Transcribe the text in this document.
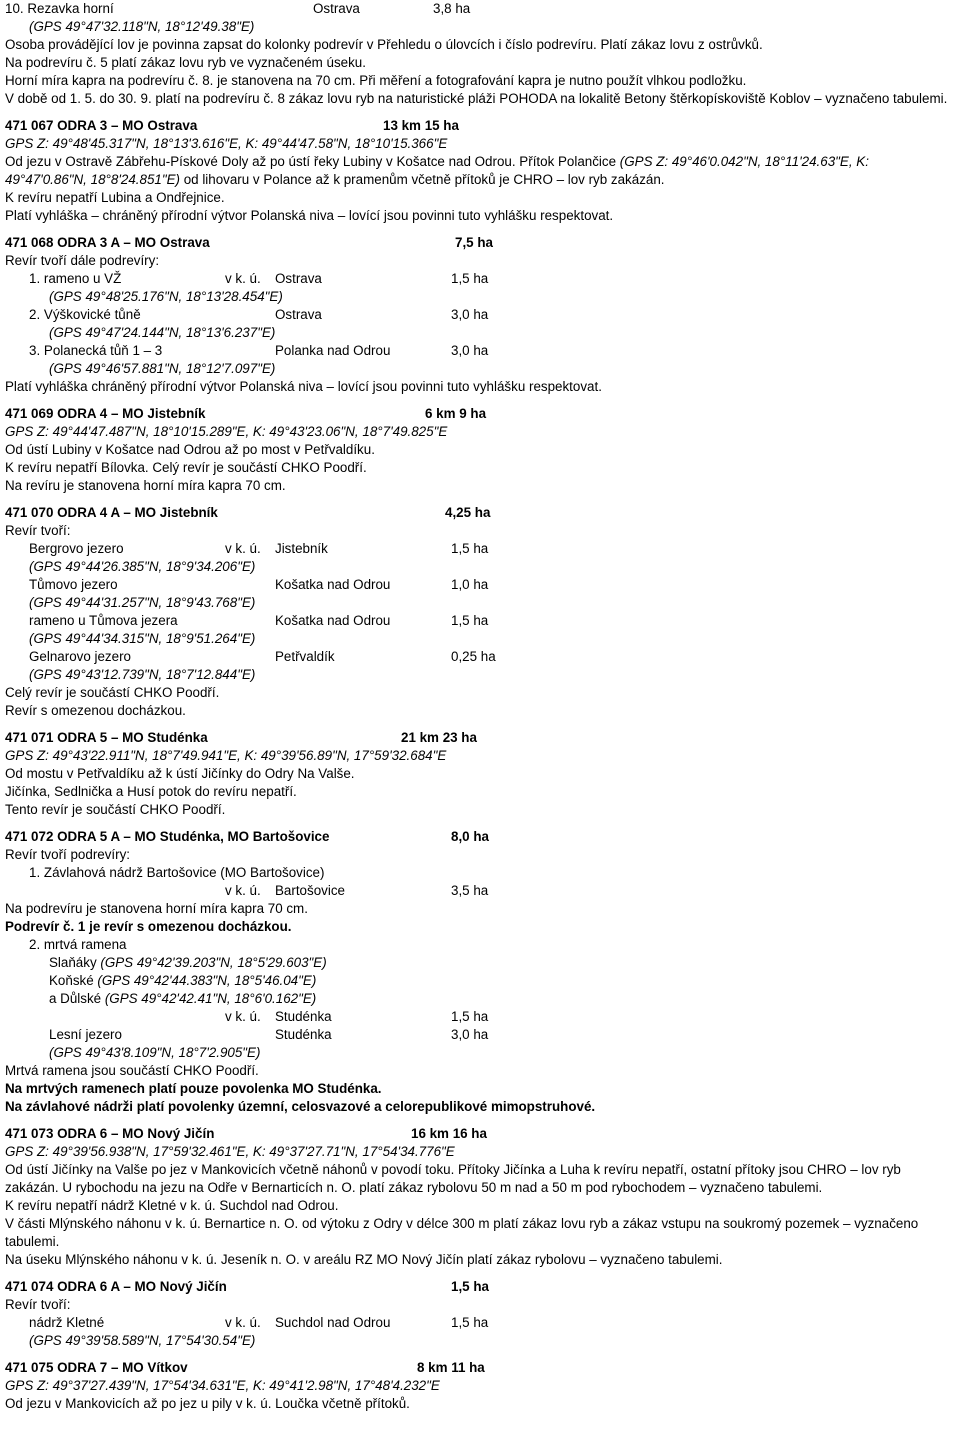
10. Rezavka horní	Ostrava	3,8 ha
(GPS 49°47'32.118"N, 18°12'49.38"E)
Osoba provádějící lov je povinna zapsat do kolonky podrevír v Přehledu o úlovcích i číslo podrevíru. Platí zákaz lovu z ostrůvků.
Na podrevíru č. 5 platí zákaz lovu ryb ve vyznačeném úseku.
Horní míra kapra na podrevíru č. 8. je stanovena na 70 cm. Při měření a fotografování kapra je nutno použít vlhkou podložku.
V době od 1. 5. do 30. 9. platí na podrevíru č. 8 zákaz lovu ryb na naturistické pláži POHODA na lokalitě Betony štěrkopískoviště Koblov – vyznačeno tabulemi.
471 067 ODRA 3 – MO Ostrava	13 km 15 ha
GPS Z: 49°48'45.317"N, 18°13'3.616"E, K: 49°44'47.58"N, 18°10'15.366"E
Od jezu v Ostravě Zábřehu-Pískové Doly až po ústí řeky Lubiny v Košatce nad Odrou. Přítok Polančice (GPS Z: 49°46'0.042"N, 18°11'24.63"E, K:
49°47'0.86"N, 18°8'24.851"E) od lihovaru v Polance až k pramenům včetně přítoků je CHRO – lov ryb zakázán.
K revíru nepatří Lubina a Ondřejnice.
Platí vyhláška – chráněný přírodní výtvor Polanská niva – lovící jsou povinni tuto vyhlášku respektovat.
471 068 ODRA 3 A – MO Ostrava	7,5 ha
Revír tvoří dále podrevíry:
1. rameno u VŽ	v k. ú. Ostrava	1,5 ha
(GPS 49°48'25.176"N, 18°13'28.454"E)
2. Výškovické tůně	Ostrava	3,0 ha
(GPS 49°47'24.144"N, 18°13'6.237"E)
3. Polanecká tůň 1 – 3	Polanka nad Odrou	3,0 ha
(GPS 49°46'57.881"N, 18°12'7.097"E)
Platí vyhláška chráněný přírodní výtvor Polanská niva – lovící jsou povinni tuto vyhlášku respektovat.
471 069 ODRA 4 – MO Jistebník	6 km 9 ha
GPS Z: 49°44'47.487"N, 18°10'15.289"E, K: 49°43'23.06"N, 18°7'49.825"E
Od ústí Lubiny v Košatce nad Odrou až po most v Petřvaldíku.
K revíru nepatří Bílovka. Celý revír je součástí CHKO Poodří.
Na revíru je stanovena horní míra kapra 70 cm.
471 070 ODRA 4 A – MO Jistebník	4,25 ha
Revír tvoří:
Bergrovo jezero	v k. ú. Jistebník	1,5 ha
(GPS 49°44'26.385"N, 18°9'34.206"E)
Tůmovo jezero	Košatka nad Odrou	1,0 ha
(GPS 49°44'31.257"N, 18°9'43.768"E)
rameno u Tůmova jezera	Košatka nad Odrou	1,5 ha
(GPS 49°44'34.315"N, 18°9'51.264"E)
Gelnarovo jezero	Petřvaldík	0,25 ha
(GPS 49°43'12.739"N, 18°7'12.844"E)
Celý revír je součástí CHKO Poodří.
Revír s omezenou docházkou.
471 071 ODRA 5 – MO Studénka	21 km 23 ha
GPS Z: 49°43'22.911"N, 18°7'49.941"E, K: 49°39'56.89"N, 17°59'32.684"E
Od mostu v Petřvaldíku až k ústí Jičínky do Odry Na Valše.
Jičínka, Sedlnička a Husí potok do revíru nepatří.
Tento revír je součástí CHKO Poodří.
471 072 ODRA 5 A – MO Studénka, MO Bartošovice	8,0 ha
Revír tvoří podrevíry:
1. Závlahová nádrž Bartošovice (MO Bartošovice)
v k. ú. Bartošovice	3,5 ha
Na podrevíru je stanovena horní míra kapra 70 cm.
Podrevír č. 1 je revír s omezenou docházkou.
2. mrtvá ramena
Slaňáky (GPS 49°42'39.203"N, 18°5'29.603"E)
Koňské (GPS 49°42'44.383"N, 18°5'46.04"E)
a Důlské (GPS 49°42'42.41"N, 18°6'0.162"E)
v k. ú. Studénka	1,5 ha
Lesní jezero	Studénka	3,0 ha
(GPS 49°43'8.109"N, 18°7'2.905"E)
Mrtvá ramena jsou součástí CHKO Poodří.
Na mrtvých ramenech platí pouze povolenka MO Studénka.
Na závlahové nádrži platí povolenky územní, celosvazové a celorepublikové mimopstruhové.
471 073 ODRA 6 – MO Nový Jičín	16 km 16 ha
GPS Z: 49°39'56.938"N, 17°59'32.461"E, K: 49°37'27.71"N, 17°54'34.776"E
Od ústí Jičínky na Valše po jez v Mankovicích včetně náhonů v povodí toku. Přítoky Jičínka a Luha k revíru nepatří, ostatní přítoky jsou CHRO – lov ryb zakázán. U rybochodu na jezu na Odře v Bernarticích n. O. platí zákaz rybolovu 50 m nad a 50 m pod rybochodem – vyznačeno tabulemi.
K revíru nepatří nádrž Kletné v k. ú. Suchdol nad Odrou.
V části Mlýnského náhonu v k. ú. Bernartice n. O. od výtoku z Odry v délce 300 m platí zákaz lovu ryb a zákaz vstupu na soukromý pozemek – vyznačeno tabulemi.
Na úseku Mlýnského náhonu v k. ú. Jeseník n. O. v areálu RZ MO Nový Jičín platí zákaz rybolovu – vyznačeno tabulemi.
471 074 ODRA 6 A – MO Nový Jičín	1,5 ha
Revír tvoří:
nádrž Kletné	v k. ú. Suchdol nad Odrou	1,5 ha
(GPS 49°39'58.589"N, 17°54'30.54"E)
471 075 ODRA 7 – MO Vítkov	8 km 11 ha
GPS Z: 49°37'27.439"N, 17°54'34.631"E, K: 49°41'2.98"N, 17°48'4.232"E
Od jezu v Mankovicích až po jez u pily v k. ú. Loučka včetně přítoků.
